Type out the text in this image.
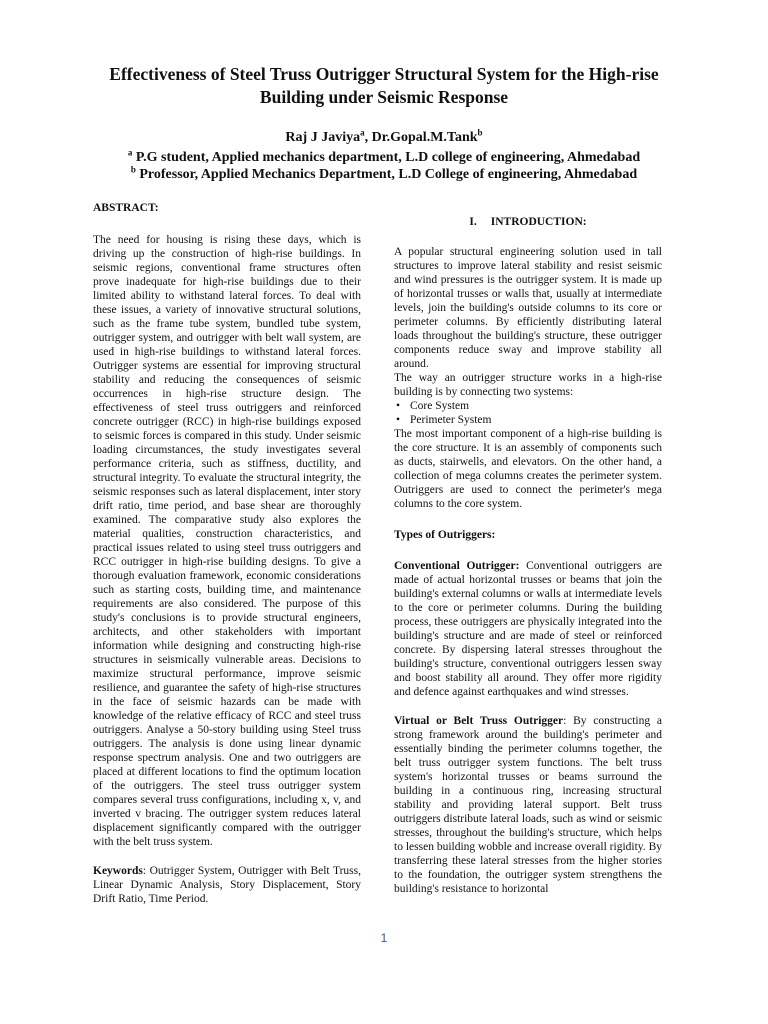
Effectiveness of Steel Truss Outrigger Structural System for the High-rise Building under Seismic Response
Raj J Javiya$^a$, Dr.Gopal.M.Tank$^b$
$^a$ P.G student, Applied mechanics department, L.D college of engineering, Ahmedabad
$^b$ Professor, Applied Mechanics Department, L.D College of engineering, Ahmedabad
ABSTRACT:

The need for housing is rising these days, which is driving up the construction of high-rise buildings. In seismic regions, conventional frame structures often prove inadequate for high-rise buildings due to their limited ability to withstand lateral forces. To deal with these issues, a variety of innovative structural solutions, such as the frame tube system, bundled tube system, outrigger system, and outrigger with belt wall system, are used in high-rise buildings to withstand lateral forces. Outrigger systems are essential for improving structural stability and reducing the consequences of seismic occurrences in high-rise structure design. The effectiveness of steel truss outriggers and reinforced concrete outrigger (RCC) in high-rise buildings exposed to seismic forces is compared in this study. Under seismic loading circumstances, the study investigates several performance criteria, such as stiffness, ductility, and structural integrity. To evaluate the structural integrity, the seismic responses such as lateral displacement, inter story drift ratio, time period, and base shear are thoroughly examined. The comparative study also explores the material qualities, construction characteristics, and practical issues related to using steel truss outriggers and RCC outrigger in high-rise building designs. To give a thorough evaluation framework, economic considerations such as starting costs, building time, and maintenance requirements are also considered. The purpose of this study's conclusions is to provide structural engineers, architects, and other stakeholders with important information while designing and constructing high-rise structures in seismically vulnerable areas. Decisions to maximize structural performance, improve seismic resilience, and guarantee the safety of high-rise structures in the face of seismic hazards can be made with knowledge of the relative efficacy of RCC and steel truss outriggers. Analyse a 50-story building using Steel truss outriggers. The analysis is done using linear dynamic response spectrum analysis. One and two outriggers are placed at different locations to find the optimum location of the outriggers. The steel truss outrigger system compares several truss configurations, including x, v, and inverted v bracing. The outrigger system reduces lateral displacement significantly compared with the outrigger with the belt truss system.

Keywords: Outrigger System, Outrigger with Belt Truss, Linear Dynamic Analysis, Story Displacement, Story Drift Ratio, Time Period.

I. INTRODUCTION:

A popular structural engineering solution used in tall structures to improve lateral stability and resist seismic and wind pressures is the outrigger system. It is made up of horizontal trusses or walls that, usually at intermediate levels, join the building's outside columns to its core or perimeter columns. By efficiently distributing lateral loads throughout the building's structure, these outrigger components reduce sway and improve stability all around.

The way an outrigger structure works in a high-rise building is by connecting two systems:

• Core System
• Perimeter System

The most important component of a high-rise building is the core structure. It is an assembly of components such as ducts, stairwells, and elevators. On the other hand, a collection of mega columns creates the perimeter system. Outriggers are used to connect the perimeter's mega columns to the core system.

Types of Outriggers:

Conventional Outrigger: Conventional outriggers are made of actual horizontal trusses or beams that join the building's external columns or walls at intermediate levels to the core or perimeter columns. During the building process, these outriggers are physically integrated into the building's structure and are made of steel or reinforced concrete. By dispersing lateral stresses throughout the building's structure, conventional outriggers lessen sway and boost stability all around. They offer more rigidity and defence against earthquakes and wind stresses.

Virtual or Belt Truss Outrigger: By constructing a strong framework around the building's perimeter and essentially binding the perimeter columns together, the belt truss outrigger system functions. The belt truss system's horizontal trusses or beams surround the building in a continuous ring, increasing structural stability and providing lateral support. Belt truss outriggers distribute lateral loads, such as wind or seismic stresses, throughout the building's structure, which helps to lessen building wobble and increase overall rigidity. By transferring these lateral stresses from the higher stories to the foundation, the outrigger system strengthens the building's resistance to horizontal

1
